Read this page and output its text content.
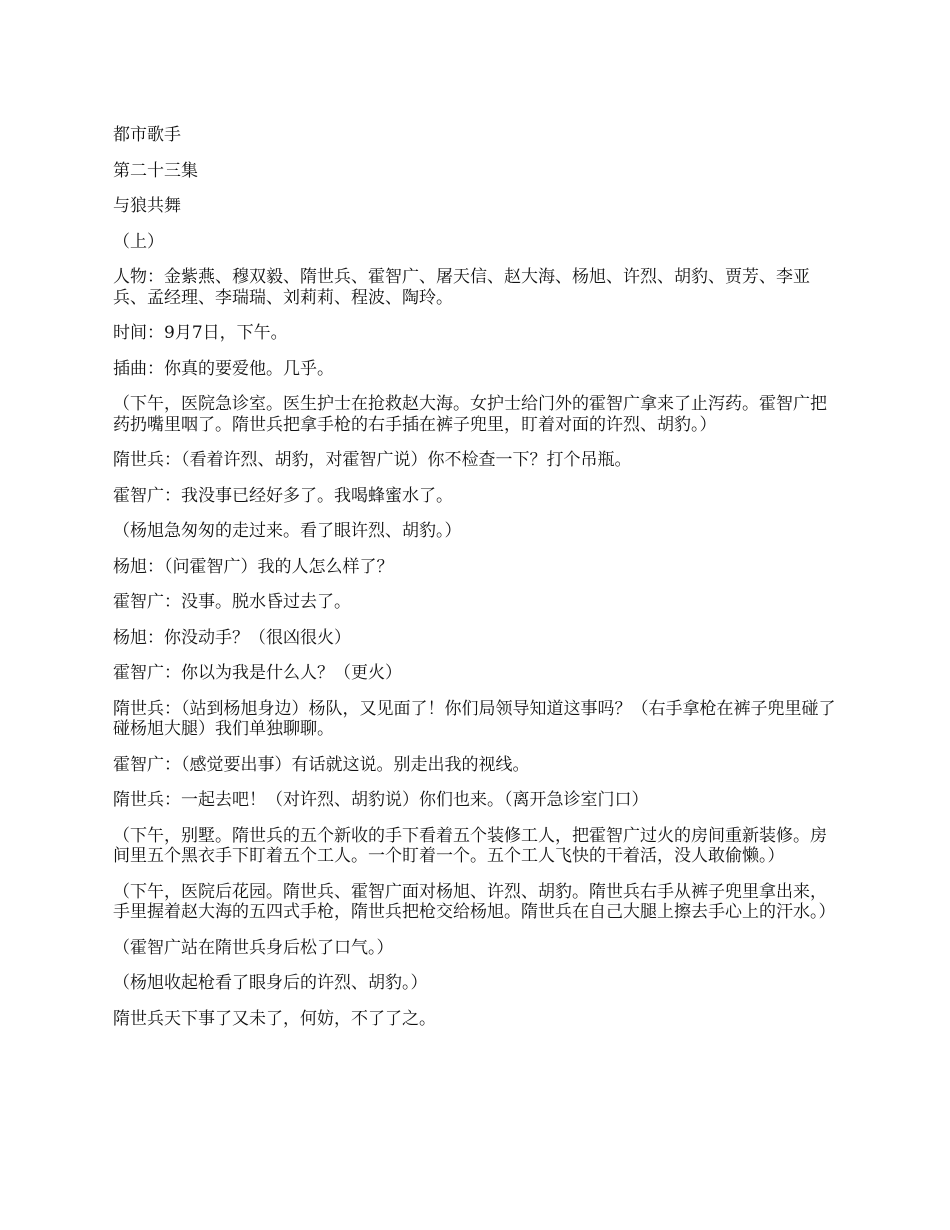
都市歌手

第二十三集

与狼共舞

（上）

人物：金紫燕、穆双毅、隋世兵、霍智广、屠天信、赵大海、杨旭、许烈、胡豹、贾芳、李亚兵、孟经理、李瑞瑞、刘莉莉、程波、陶玲。

时间：9月7日，下午。

插曲：你真的要爱他。几乎。

（下午，医院急诊室。医生护士在抢救赵大海。女护士给门外的霍智广拿来了止泻药。霍智广把药扔嘴里咽了。隋世兵把拿手枪的右手插在裤子兜里，盯着对面的许烈、胡豹。）

隋世兵：（看着许烈、胡豹，对霍智广说）你不检查一下？打个吊瓶。

霍智广：我没事已经好多了。我喝蜂蜜水了。

（杨旭急匆匆的走过来。看了眼许烈、胡豹。）

杨旭：（问霍智广）我的人怎么样了？

霍智广：没事。脱水昏过去了。

杨旭：你没动手？（很凶很火）

霍智广：你以为我是什么人？（更火）

隋世兵：（站到杨旭身边）杨队，又见面了！你们局领导知道这事吗？（右手拿枪在裤子兜里碰了碰杨旭大腿）我们单独聊聊。

霍智广：（感觉要出事）有话就这说。别走出我的视线。

隋世兵：一起去吧！（对许烈、胡豹说）你们也来。（离开急诊室门口）

（下午，别墅。隋世兵的五个新收的手下看着五个装修工人，把霍智广过火的房间重新装修。房间里五个黑衣手下盯着五个工人。一个盯着一个。五个工人飞快的干着活，没人敢偷懒。）

（下午，医院后花园。隋世兵、霍智广面对杨旭、许烈、胡豹。隋世兵右手从裤子兜里拿出来，手里握着赵大海的五四式手枪，隋世兵把枪交给杨旭。隋世兵在自己大腿上擦去手心上的汗水。）

（霍智广站在隋世兵身后松了口气。）

（杨旭收起枪看了眼身后的许烈、胡豹。）

隋世兵天下事了又未了，何妨，不了了之。
